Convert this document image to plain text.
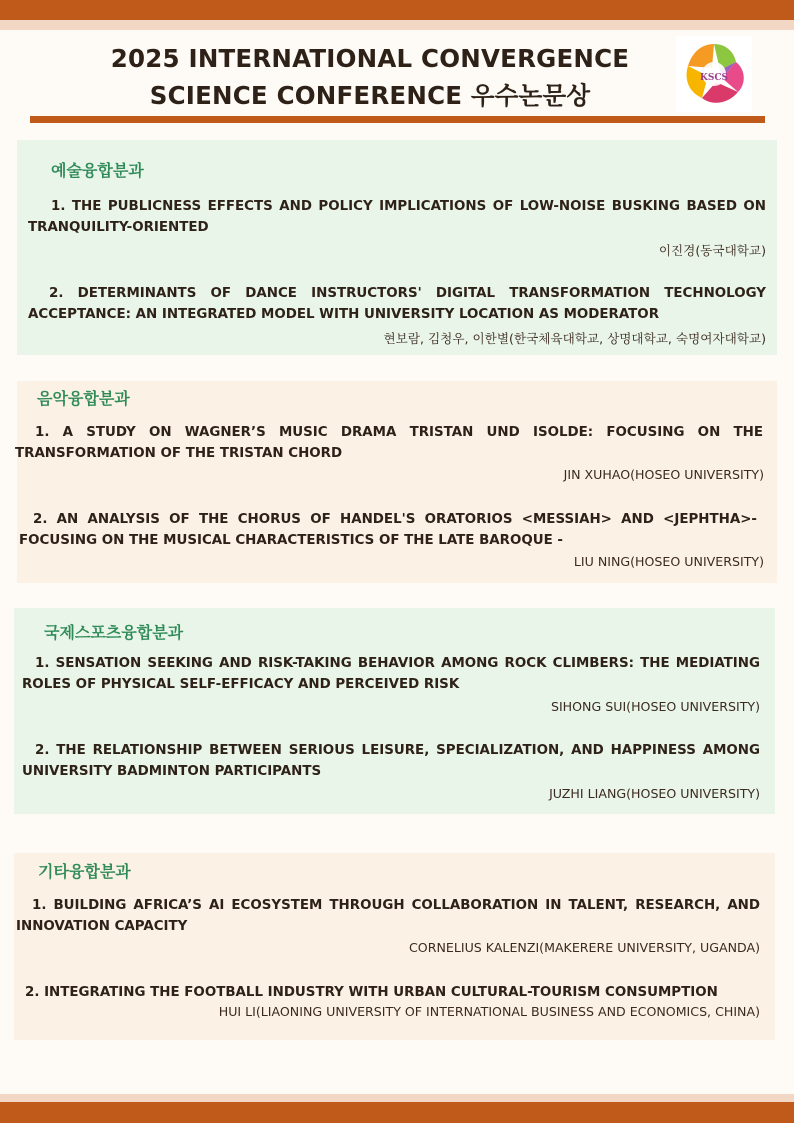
2025 INTERNATIONAL CONVERGENCE
SCIENCE CONFERENCE 우수논문상
KSCS
예술융합분과
1. THE PUBLICNESS EFFECTS AND POLICY IMPLICATIONS OF LOW-NOISE BUSKING BASED ON TRANQUILITY-ORIENTED
이진경(동국대학교)
2. DETERMINANTS OF DANCE INSTRUCTORS' DIGITAL TRANSFORMATION TECHNOLOGY ACCEPTANCE: AN INTEGRATED MODEL WITH UNIVERSITY LOCATION AS MODERATOR
현보람, 김청우, 이한별(한국체육대학교, 상명대학교, 숙명여자대학교)
음악융합분과
1. A STUDY ON WAGNER’S MUSIC DRAMA TRISTAN UND ISOLDE: FOCUSING ON THE TRANSFORMATION OF THE TRISTAN CHORD
JIN XUHAO(HOSEO UNIVERSITY)
2. AN ANALYSIS OF THE CHORUS OF HANDEL'S ORATORIOS <MESSIAH> AND <JEPHTHA>- FOCUSING ON THE MUSICAL CHARACTERISTICS OF THE LATE BAROQUE -
LIU NING(HOSEO UNIVERSITY)
국제스포츠융합분과
1. SENSATION SEEKING AND RISK-TAKING BEHAVIOR AMONG ROCK CLIMBERS: THE MEDIATING ROLES OF PHYSICAL SELF-EFFICACY AND PERCEIVED RISK
SIHONG SUI(HOSEO UNIVERSITY)
2. THE RELATIONSHIP BETWEEN SERIOUS LEISURE, SPECIALIZATION, AND HAPPINESS AMONG UNIVERSITY BADMINTON PARTICIPANTS
JUZHI LIANG(HOSEO UNIVERSITY)
기타융합분과
1. BUILDING AFRICA’S AI ECOSYSTEM THROUGH COLLABORATION IN TALENT, RESEARCH, AND INNOVATION CAPACITY
CORNELIUS KALENZI(MAKERERE UNIVERSITY, UGANDA)
2. INTEGRATING THE FOOTBALL INDUSTRY WITH URBAN CULTURAL-TOURISM CONSUMPTION
HUI LI(LIAONING UNIVERSITY OF INTERNATIONAL BUSINESS AND ECONOMICS, CHINA)
